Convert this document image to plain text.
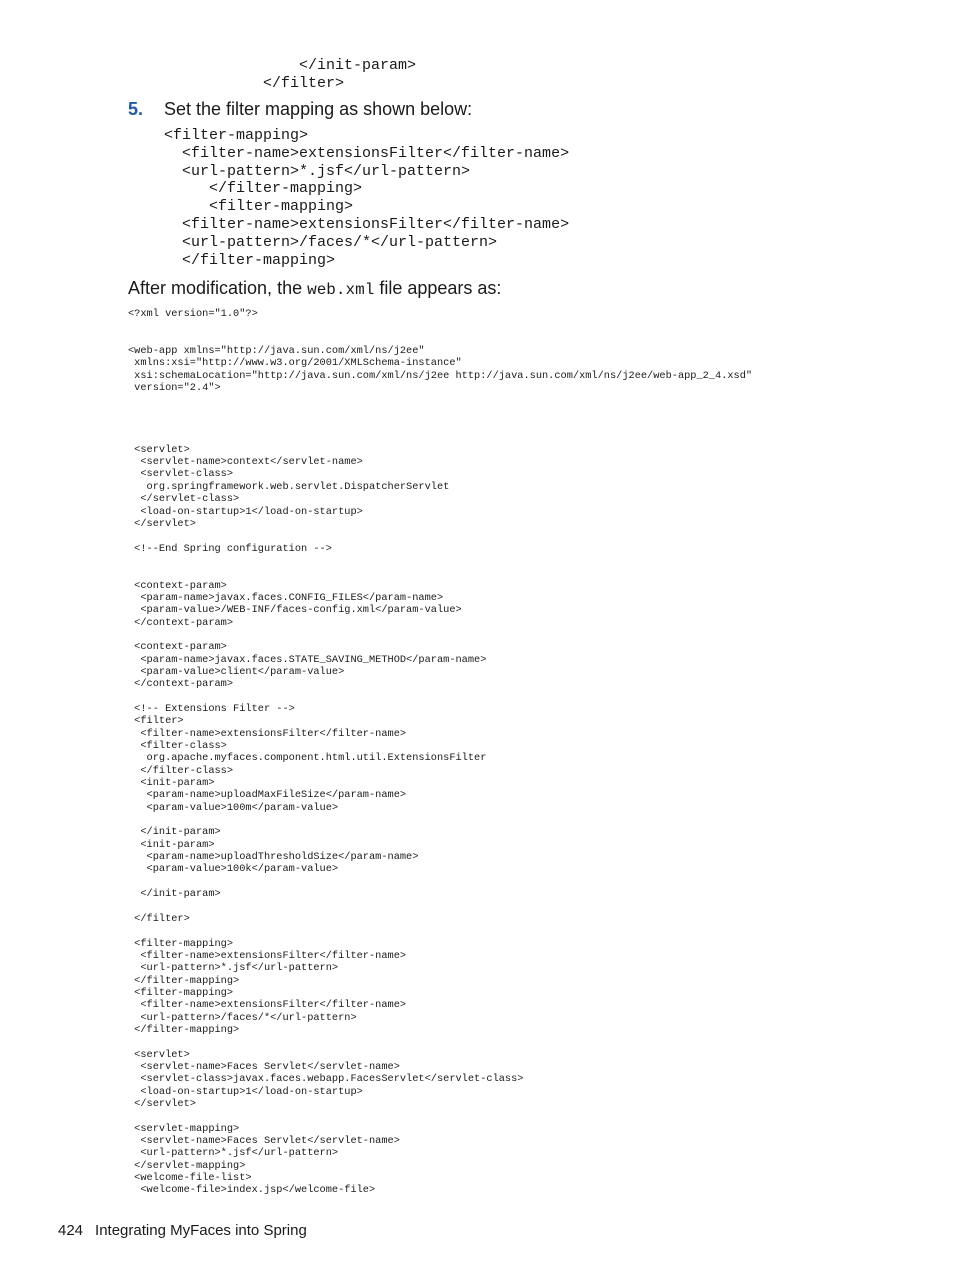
</init-param>
</filter>
5. Set the filter mapping as shown below:
<filter-mapping>
<filter-name>extensionsFilter</filter-name>
<url-pattern>*.jsf</url-pattern>
</filter-mapping>
<filter-mapping>
<filter-name>extensionsFilter</filter-name>
<url-pattern>/faces/*</url-pattern>
</filter-mapping>
After modification, the web.xml file appears as:
<?xml version="1.0"?>

<web-app xmlns="http://java.sun.com/xml/ns/j2ee"
xmlns:xsi="http://www.w3.org/2001/XMLSchema-instance"
xsi:schemaLocation="http://java.sun.com/xml/ns/j2ee http://java.sun.com/xml/ns/j2ee/web-app_2_4.xsd"
version="2.4">

<servlet>
<servlet-name>context</servlet-name>
<servlet-class>
org.springframework.web.servlet.DispatcherServlet
</servlet-class>
<load-on-startup>1</load-on-startup>
</servlet>

<!--End Spring configuration -->

<context-param>
<param-name>javax.faces.CONFIG_FILES</param-name>
<param-value>/WEB-INF/faces-config.xml</param-value>
</context-param>

<context-param>
<param-name>javax.faces.STATE_SAVING_METHOD</param-name>
<param-value>client</param-value>
</context-param>

<!-- Extensions Filter -->
<filter>
<filter-name>extensionsFilter</filter-name>
<filter-class>
org.apache.myfaces.component.html.util.ExtensionsFilter
</filter-class>
<init-param>
<param-name>uploadMaxFileSize</param-name>
<param-value>100m</param-value>

</init-param>
<init-param>
<param-name>uploadThresholdSize</param-name>
<param-value>100k</param-value>

</init-param>

</filter>

<filter-mapping>
<filter-name>extensionsFilter</filter-name>
<url-pattern>*.jsf</url-pattern>
</filter-mapping>
<filter-mapping>
<filter-name>extensionsFilter</filter-name>
<url-pattern>/faces/*</url-pattern>
</filter-mapping>

<servlet>
<servlet-name>Faces Servlet</servlet-name>
<servlet-class>javax.faces.webapp.FacesServlet</servlet-class>
<load-on-startup>1</load-on-startup>
</servlet>

<servlet-mapping>
<servlet-name>Faces Servlet</servlet-name>
<url-pattern>*.jsf</url-pattern>
</servlet-mapping>
<welcome-file-list>
<welcome-file>index.jsp</welcome-file>
424 Integrating MyFaces into Spring
